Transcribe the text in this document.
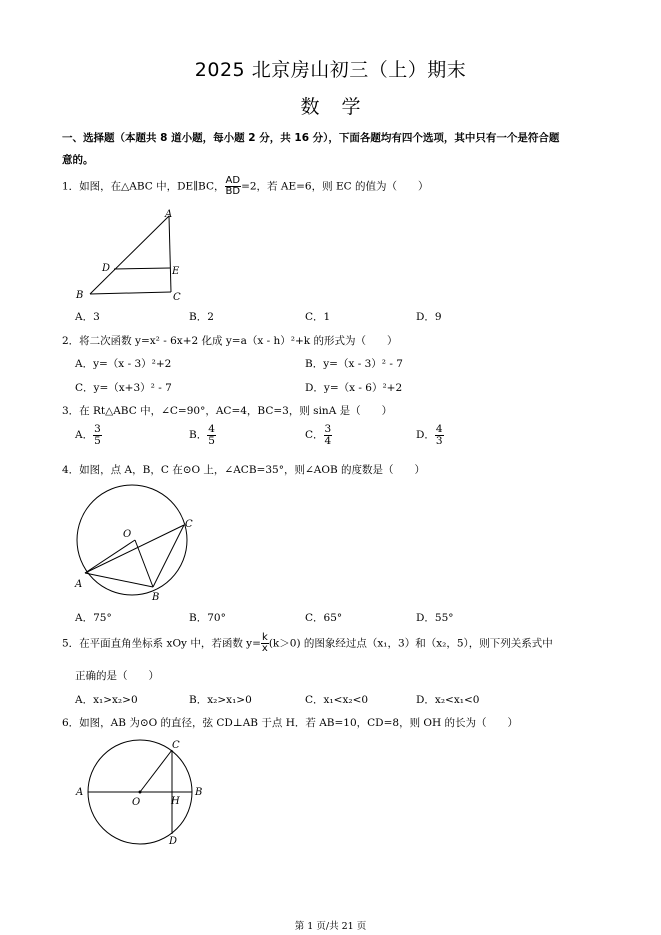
2025 北京房山初三（上）期末
数学
一、选择题（本题共 8 道小题，每小题 2 分，共 16 分），下面各题均有四个选项，其中只有一个是符合题
意的。
1．如图，在△ABC 中，DE∥BC， $\frac{AD}{BD} =2$，若 AE=6，则 EC 的值为（　　）
A
D	E
B	C
A．3	B．2	C．1	D．9
2．将二次函数 y=x² - 6x+2 化成 y=a（x - h）²+k 的形式为（　　）
A．y=（x - 3）²+2	B．y=（x - 3）² - 7
C．y=（x+3）² - 7	D．y=（x - 6）²+2
3．在 Rt△ABC 中，∠C=90°，AC=4，BC=3，则 sinA 是（　　）
A． $\frac{3}{5}$	B． $\frac{4}{5}$	C． $\frac{3}{4}$	D． $\frac{4}{3}$
4．如图，点 A，B，C 在⊙O 上，∠ACB=35°，则∠AOB 的度数是（　　）
O
C
A
B
A．75°	B．70°	C．65°	D．55°
5．在平面直角坐标系 xOy 中，若函数 $y= \frac{k}{x} (k>0)$ 的图象经过点（x₁，3）和（x₂，5），则下列关系式中
正确的是（　　）
A．x₁>x₂>0	B．x₂>x₁>0	C．x₁<x₂<0	D．x₂<x₁<0
6．如图，AB 为⊙O 的直径，弦 CD⊥AB 于点 H．若 AB=10，CD=8，则 OH 的长为（　　）
C
A	B
O	H
D
第 1 页/共 21 页
